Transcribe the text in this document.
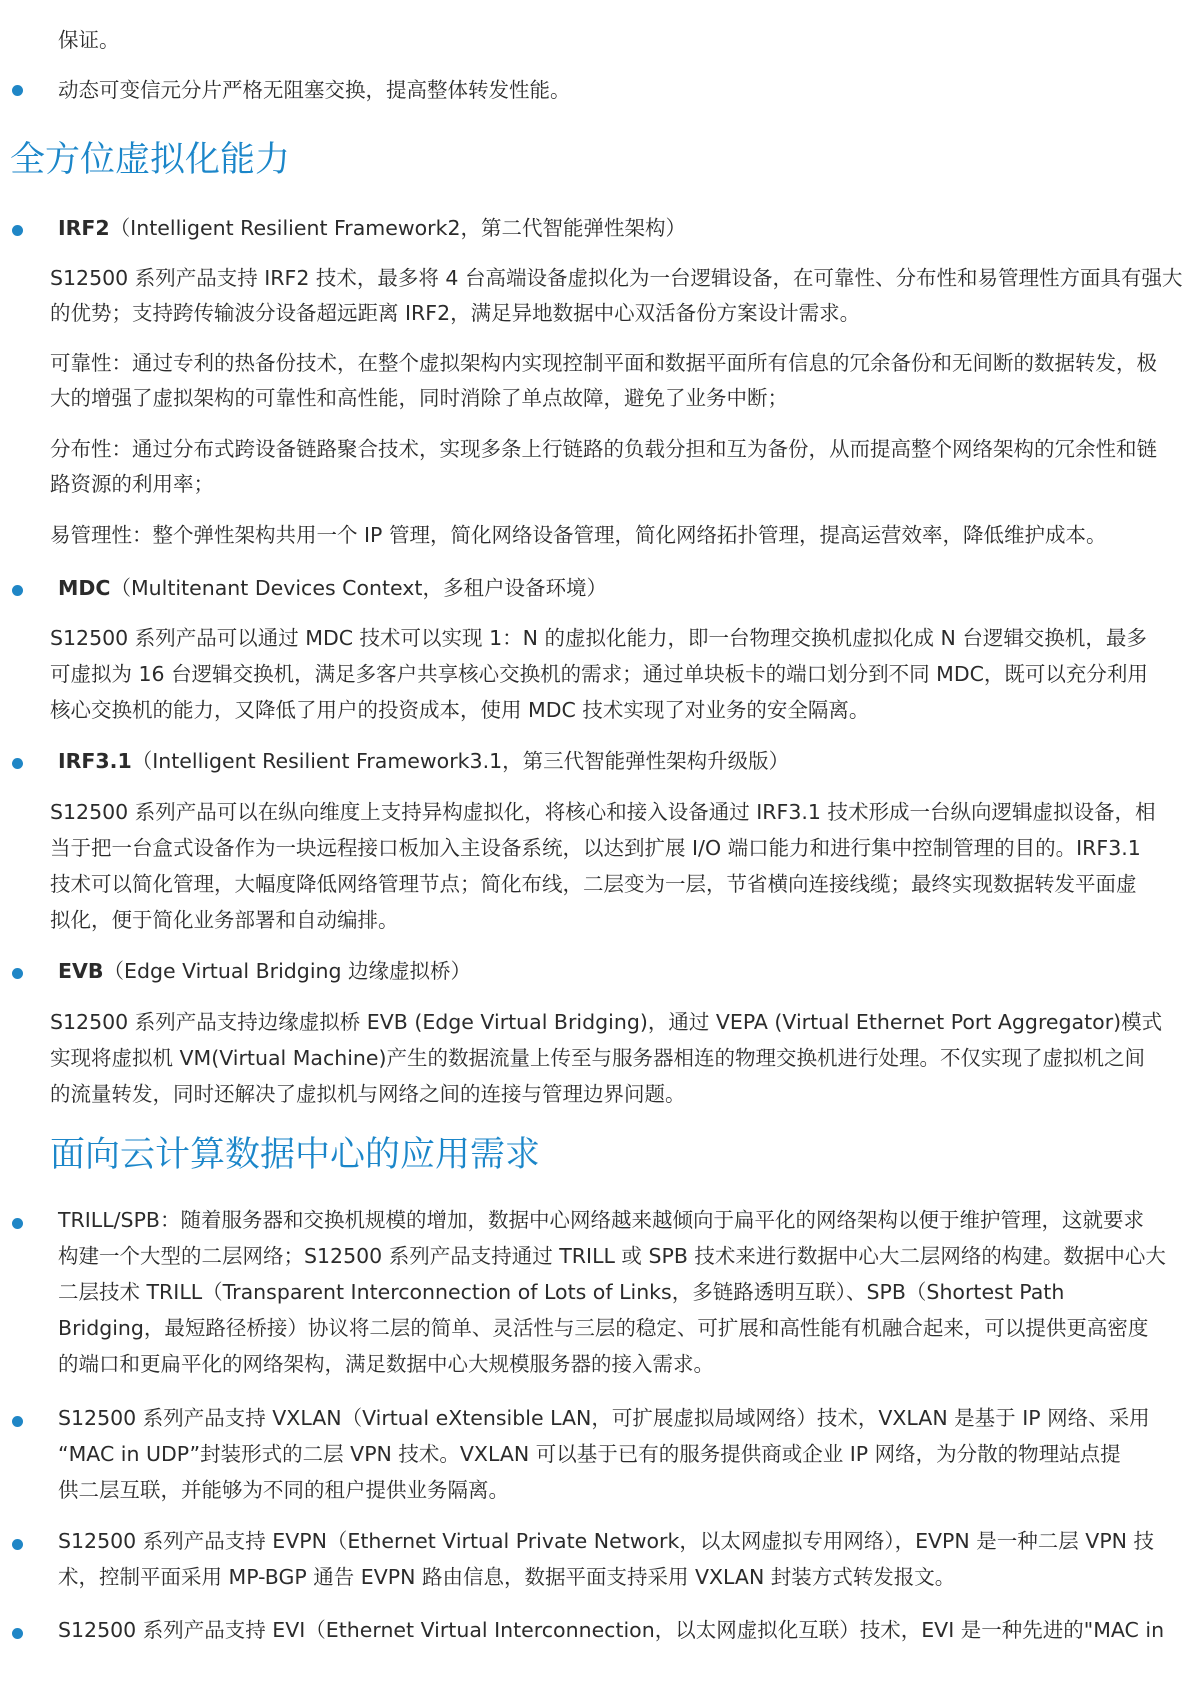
保证。
动态可变信元分片严格无阻塞交换，提高整体转发性能。
全方位虚拟化能力
IRF2（Intelligent Resilient Framework2，第二代智能弹性架构）
S12500 系列产品支持 IRF2 技术，最多将 4 台高端设备虚拟化为一台逻辑设备，在可靠性、分布性和易管理性方面具有强大
的优势；支持跨传输波分设备超远距离 IRF2，满足异地数据中心双活备份方案设计需求。
可靠性：通过专利的热备份技术，在整个虚拟架构内实现控制平面和数据平面所有信息的冗余备份和无间断的数据转发，极
大的增强了虚拟架构的可靠性和高性能，同时消除了单点故障，避免了业务中断；
分布性：通过分布式跨设备链路聚合技术，实现多条上行链路的负载分担和互为备份，从而提高整个网络架构的冗余性和链
路资源的利用率；
易管理性：整个弹性架构共用一个 IP 管理，简化网络设备管理，简化网络拓扑管理，提高运营效率，降低维护成本。
MDC（Multitenant Devices Context，多租户设备环境）
S12500 系列产品可以通过 MDC 技术可以实现 1：N 的虚拟化能力，即一台物理交换机虚拟化成 N 台逻辑交换机，最多
可虚拟为 16 台逻辑交换机，满足多客户共享核心交换机的需求；通过单块板卡的端口划分到不同 MDC，既可以充分利用
核心交换机的能力，又降低了用户的投资成本，使用 MDC 技术实现了对业务的安全隔离。
IRF3.1（Intelligent Resilient Framework3.1，第三代智能弹性架构升级版）
S12500 系列产品可以在纵向维度上支持异构虚拟化，将核心和接入设备通过 IRF3.1 技术形成一台纵向逻辑虚拟设备，相
当于把一台盒式设备作为一块远程接口板加入主设备系统，以达到扩展 I/O 端口能力和进行集中控制管理的目的。IRF3.1
技术可以简化管理，大幅度降低网络管理节点；简化布线，二层变为一层，节省横向连接线缆；最终实现数据转发平面虚
拟化，便于简化业务部署和自动编排。
EVB（Edge Virtual Bridging 边缘虚拟桥）
S12500 系列产品支持边缘虚拟桥 EVB (Edge Virtual Bridging)，通过 VEPA (Virtual Ethernet Port Aggregator)模式
实现将虚拟机 VM(Virtual Machine)产生的数据流量上传至与服务器相连的物理交换机进行处理。不仅实现了虚拟机之间
的流量转发，同时还解决了虚拟机与网络之间的连接与管理边界问题。
面向云计算数据中心的应用需求
TRILL/SPB：随着服务器和交换机规模的增加，数据中心网络越来越倾向于扁平化的网络架构以便于维护管理，这就要求
构建一个大型的二层网络；S12500 系列产品支持通过 TRILL 或 SPB 技术来进行数据中心大二层网络的构建。数据中心大
二层技术 TRILL（Transparent Interconnection of Lots of Links，多链路透明互联）、SPB（Shortest Path
Bridging，最短路径桥接）协议将二层的简单、灵活性与三层的稳定、可扩展和高性能有机融合起来，可以提供更高密度
的端口和更扁平化的网络架构，满足数据中心大规模服务器的接入需求。
S12500 系列产品支持 VXLAN（Virtual eXtensible LAN，可扩展虚拟局域网络）技术，VXLAN 是基于 IP 网络、采用
“MAC in UDP”封装形式的二层 VPN 技术。VXLAN 可以基于已有的服务提供商或企业 IP 网络，为分散的物理站点提
供二层互联，并能够为不同的租户提供业务隔离。
S12500 系列产品支持 EVPN（Ethernet Virtual Private Network，以太网虚拟专用网络），EVPN 是一种二层 VPN 技
术，控制平面采用 MP-BGP 通告 EVPN 路由信息，数据平面支持采用 VXLAN 封装方式转发报文。
S12500 系列产品支持 EVI（Ethernet Virtual Interconnection，以太网虚拟化互联）技术，EVI 是一种先进的"MAC in
